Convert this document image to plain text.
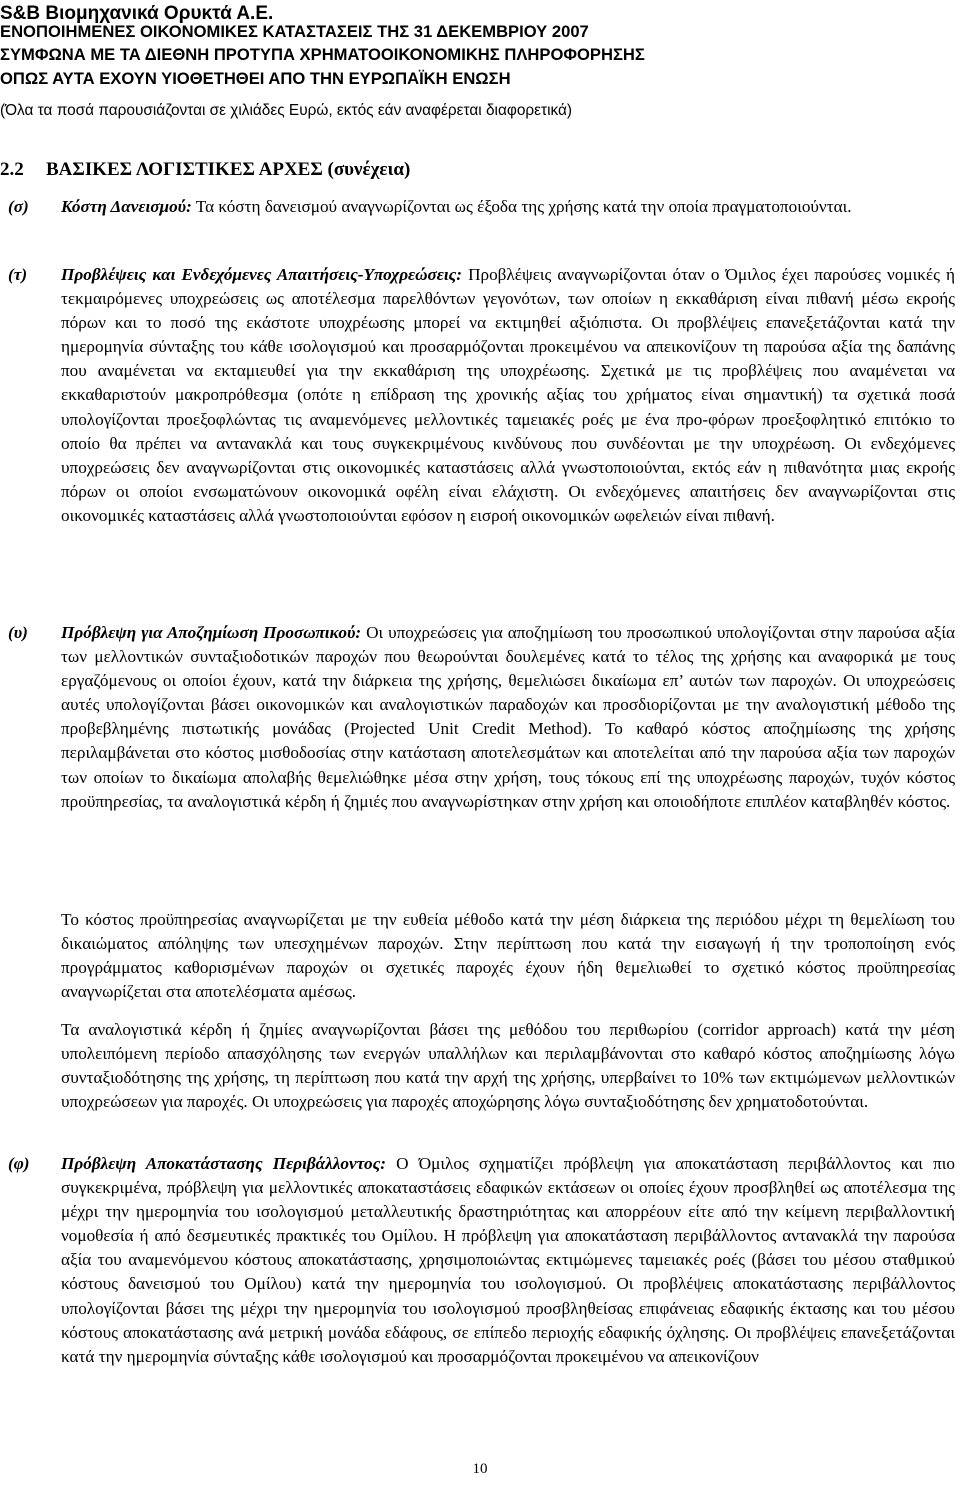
S&B Βιομηχανικά Ορυκτά Α.Ε.
ΕΝΟΠΟΙΗΜΕΝΕΣ ΟΙΚΟΝΟΜΙΚΕΣ ΚΑΤΑΣΤΑΣΕΙΣ ΤΗΣ 31 ΔΕΚΕΜΒΡΙΟΥ 2007
ΣΥΜΦΩΝΑ ΜΕ ΤΑ ΔΙΕΘΝΗ ΠΡΟΤΥΠΑ ΧΡΗΜΑΤΟΟΙΚΟΝΟΜΙΚΗΣ ΠΛΗΡΟΦΟΡΗΣΗΣ
ΟΠΩΣ ΑΥΤΑ ΕΧΟΥΝ ΥΙΟΘΕΤΗΘΕΙ ΑΠΟ ΤΗΝ ΕΥΡΩΠΑΪΚΗ ΕΝΩΣΗ
(Όλα τα ποσά παρουσιάζονται σε χιλιάδες Ευρώ, εκτός εάν αναφέρεται διαφορετικά)
2.2 ΒΑΣΙΚΕΣ ΛΟΓΙΣΤΙΚΕΣ ΑΡΧΕΣ (συνέχεια)
(σ) Κόστη Δανεισμού: Τα κόστη δανεισμού αναγνωρίζονται ως έξοδα της χρήσης κατά την οποία πραγματοποιούνται.
(τ) Προβλέψεις και Ενδεχόμενες Απαιτήσεις-Υποχρεώσεις: Προβλέψεις αναγνωρίζονται όταν ο Όμιλος έχει παρούσες νομικές ή τεκμαιρόμενες υποχρεώσεις ως αποτέλεσμα παρελθόντων γεγονότων, των οποίων η εκκαθάριση είναι πιθανή μέσω εκροής πόρων και το ποσό της εκάστοτε υποχρέωσης μπορεί να εκτιμηθεί αξιόπιστα. Οι προβλέψεις επανεξετάζονται κατά την ημερομηνία σύνταξης του κάθε ισολογισμού και προσαρμόζονται προκειμένου να απεικονίζουν τη παρούσα αξία της δαπάνης που αναμένεται να εκταμιευθεί για την εκκαθάριση της υποχρέωσης. Σχετικά με τις προβλέψεις που αναμένεται να εκκαθαριστούν μακροπρόθεσμα (οπότε η επίδραση της χρονικής αξίας του χρήματος είναι σημαντική) τα σχετικά ποσά υπολογίζονται προεξοφλώντας τις αναμενόμενες μελλοντικές ταμειακές ροές με ένα προ-φόρων προεξοφλητικό επιτόκιο το οποίο θα πρέπει να αντανακλά και τους συγκεκριμένους κινδύνους που συνδέονται με την υποχρέωση. Οι ενδεχόμενες υποχρεώσεις δεν αναγνωρίζονται στις οικονομικές καταστάσεις αλλά γνωστοποιούνται, εκτός εάν η πιθανότητα μιας εκροής πόρων οι οποίοι ενσωματώνουν οικονομικά οφέλη είναι ελάχιστη. Οι ενδεχόμενες απαιτήσεις δεν αναγνωρίζονται στις οικονομικές καταστάσεις αλλά γνωστοποιούνται εφόσον η εισροή οικονομικών ωφελειών είναι πιθανή.
(υ) Πρόβλεψη για Αποζημίωση Προσωπικού: Οι υποχρεώσεις για αποζημίωση του προσωπικού υπολογίζονται στην παρούσα αξία των μελλοντικών συνταξιοδοτικών παροχών που θεωρούνται δουλεμένες κατά το τέλος της χρήσης και αναφορικά με τους εργαζόμενους οι οποίοι έχουν, κατά την διάρκεια της χρήσης, θεμελιώσει δικαίωμα επ’ αυτών των παροχών. Οι υποχρεώσεις αυτές υπολογίζονται βάσει οικονομικών και αναλογιστικών παραδοχών και προσδιορίζονται με την αναλογιστική μέθοδο της προβεβλημένης πιστωτικής μονάδας (Projected Unit Credit Method). Το καθαρό κόστος αποζημίωσης της χρήσης περιλαμβάνεται στο κόστος μισθοδοσίας στην κατάσταση αποτελεσμάτων και αποτελείται από την παρούσα αξία των παροχών των οποίων το δικαίωμα απολαβής θεμελιώθηκε μέσα στην χρήση, τους τόκους επί της υποχρέωσης παροχών, τυχόν κόστος προϋπηρεσίας, τα αναλογιστικά κέρδη ή ζημιές που αναγνωρίστηκαν στην χρήση και οποιοδήποτε επιπλέον καταβληθέν κόστος.
Το κόστος προϋπηρεσίας αναγνωρίζεται με την ευθεία μέθοδο κατά την μέση διάρκεια της περιόδου μέχρι τη θεμελίωση του δικαιώματος απόληψης των υπεσχημένων παροχών. Στην περίπτωση που κατά την εισαγωγή ή την τροποποίηση ενός προγράμματος καθορισμένων παροχών οι σχετικές παροχές έχουν ήδη θεμελιωθεί το σχετικό κόστος προϋπηρεσίας αναγνωρίζεται στα αποτελέσματα αμέσως.
Τα αναλογιστικά κέρδη ή ζημίες αναγνωρίζονται βάσει της μεθόδου του περιθωρίου (corridor approach) κατά την μέση υπολειπόμενη περίοδο απασχόλησης των ενεργών υπαλλήλων και περιλαμβάνονται στο καθαρό κόστος αποζημίωσης λόγω συνταξιοδότησης της χρήσης, τη περίπτωση που κατά την αρχή της χρήσης, υπερβαίνει το 10% των εκτιμώμενων μελλοντικών υποχρεώσεων για παροχές. Οι υποχρεώσεις για παροχές αποχώρησης λόγω συνταξιοδότησης δεν χρηματοδοτούνται.
(φ) Πρόβλεψη Αποκατάστασης Περιβάλλοντος: Ο Όμιλος σχηματίζει πρόβλεψη για αποκατάσταση περιβάλλοντος και πιο συγκεκριμένα, πρόβλεψη για μελλοντικές αποκαταστάσεις εδαφικών εκτάσεων οι οποίες έχουν προσβληθεί ως αποτέλεσμα της μέχρι την ημερομηνία του ισολογισμού μεταλλευτικής δραστηριότητας και απορρέουν είτε από την κείμενη περιβαλλοντική νομοθεσία ή από δεσμευτικές πρακτικές του Ομίλου. Η πρόβλεψη για αποκατάσταση περιβάλλοντος αντανακλά την παρούσα αξία του αναμενόμενου κόστους αποκατάστασης, χρησιμοποιώντας εκτιμώμενες ταμειακές ροές (βάσει του μέσου σταθμικού κόστους δανεισμού του Ομίλου) κατά την ημερομηνία του ισολογισμού. Οι προβλέψεις αποκατάστασης περιβάλλοντος υπολογίζονται βάσει της μέχρι την ημερομηνία του ισολογισμού προσβληθείσας επιφάνειας εδαφικής έκτασης και του μέσου κόστους αποκατάστασης ανά μετρική μονάδα εδάφους, σε επίπεδο περιοχής εδαφικής όχλησης. Οι προβλέψεις επανεξετάζονται κατά την ημερομηνία σύνταξης κάθε ισολογισμού και προσαρμόζονται προκειμένου να απεικονίζουν
10
